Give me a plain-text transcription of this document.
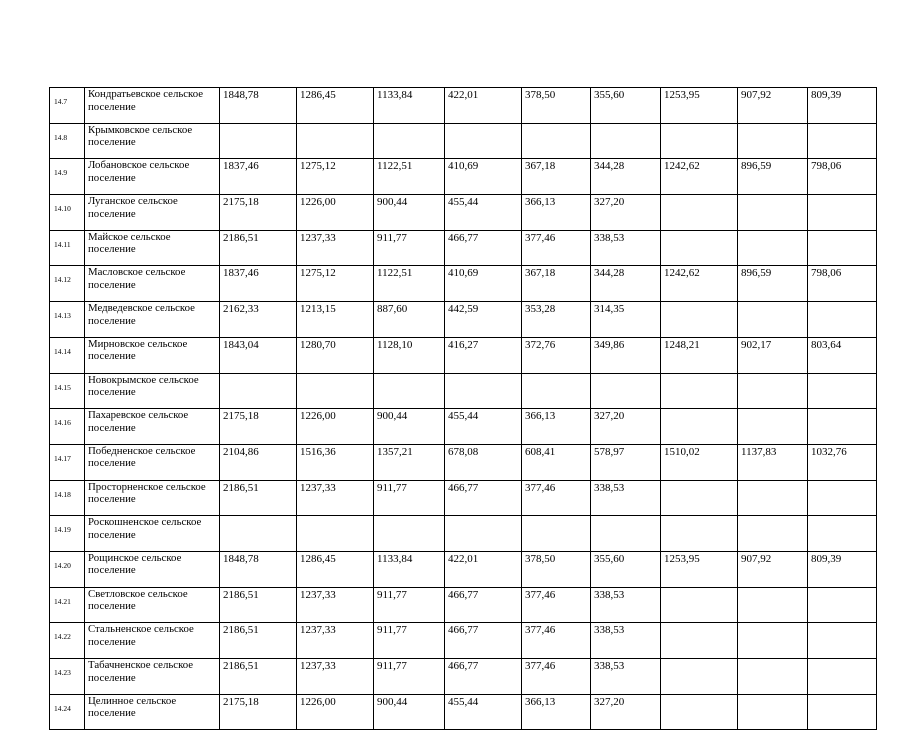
14.7	Кондратьевское сельское поселение	1848,78	1286,45	1133,84	422,01	378,50	355,60	1253,95	907,92	809,39
14.8	Крымковское сельское поселение									
14.9	Лобановское сельское поселение	1837,46	1275,12	1122,51	410,69	367,18	344,28	1242,62	896,59	798,06
14.10	Луганское сельское поселение	2175,18	1226,00	900,44	455,44	366,13	327,20			
14.11	Майское сельское поселение	2186,51	1237,33	911,77	466,77	377,46	338,53			
14.12	Масловское сельское поселение	1837,46	1275,12	1122,51	410,69	367,18	344,28	1242,62	896,59	798,06
14.13	Медведевское сельское поселение	2162,33	1213,15	887,60	442,59	353,28	314,35			
14.14	Мирновское сельское поселение	1843,04	1280,70	1128,10	416,27	372,76	349,86	1248,21	902,17	803,64
14.15	Новокрымское сельское поселение									
14.16	Пахаревское сельское поселение	2175,18	1226,00	900,44	455,44	366,13	327,20			
14.17	Победненское сельское поселение	2104,86	1516,36	1357,21	678,08	608,41	578,97	1510,02	1137,83	1032,76
14.18	Просторненское сельское поселение	2186,51	1237,33	911,77	466,77	377,46	338,53			
14.19	Роскошненское сельское поселение									
14.20	Рощинское сельское поселение	1848,78	1286,45	1133,84	422,01	378,50	355,60	1253,95	907,92	809,39
14.21	Светловское сельское поселение	2186,51	1237,33	911,77	466,77	377,46	338,53			
14.22	Стальненское сельское поселение	2186,51	1237,33	911,77	466,77	377,46	338,53			
14.23	Табачненское сельское поселение	2186,51	1237,33	911,77	466,77	377,46	338,53			
14.24	Целинное сельское поселение	2175,18	1226,00	900,44	455,44	366,13	327,20			
